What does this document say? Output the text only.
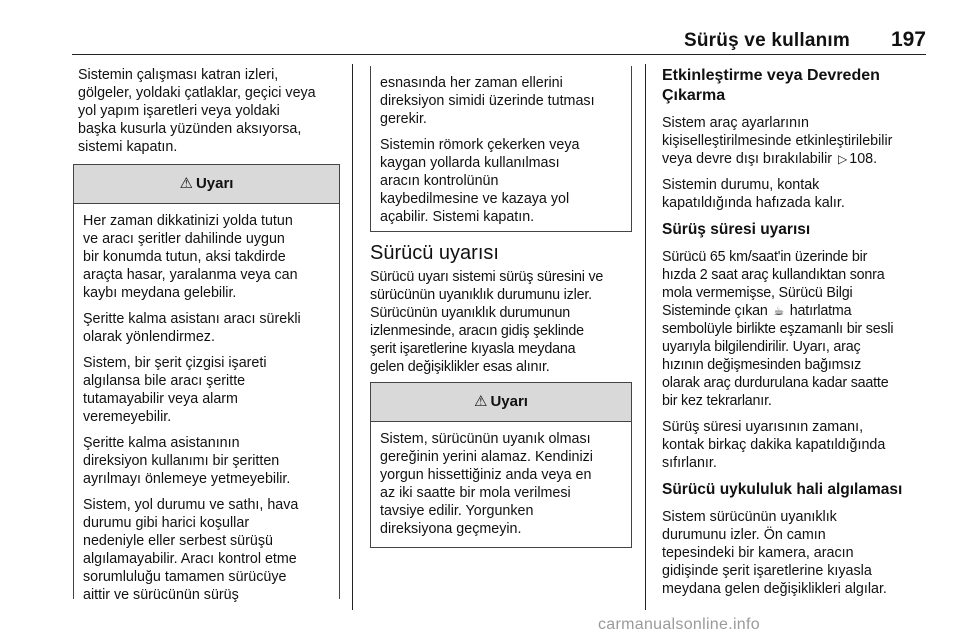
Sürüş ve kullanım 197

Sistemin çalışması katran izleri,
gölgeler, yoldaki çatlaklar, geçici veya
yol yapım işaretleri veya yoldaki
başka kusurla yüzünden aksıyorsa,
sistemi kapatın.

⚠ Uyarı

Her zaman dikkatinizi yolda tutun
ve aracı şeritler dahilinde uygun
bir konumda tutun, aksi takdirde
araçta hasar, yaralanma veya can
kaybı meydana gelebilir.

Şeritte kalma asistanı aracı sürekli
olarak yönlendirmez.

Sistem, bir şerit çizgisi işareti
algılansa bile aracı şeritte
tutamayabilir veya alarm
veremeyebilir.

Şeritte kalma asistanının
direksiyon kullanımı bir şeritten
ayrılmayı önlemeye yetmeyebilir.

Sistem, yol durumu ve sathı, hava
durumu gibi harici koşullar
nedeniyle eller serbest sürüşü
algılamayabilir. Aracı kontrol etme
sorumluluğu tamamen sürücüye
aittir ve sürücünün sürüş

esnasında her zaman ellerini
direksiyon simidi üzerinde tutması
gerekir.

Sistemin römork çekerken veya
kaygan yollarda kullanılması
aracın kontrolünün
kaybedilmesine ve kazaya yol
açabilir. Sistemi kapatın.

Sürücü uyarısı

Sürücü uyarı sistemi sürüş süresini ve
sürücünün uyanıklık durumunu izler.
Sürücünün uyanıklık durumunun
izlenmesinde, aracın gidiş şeklinde
şerit işaretlerine kıyasla meydana
gelen değişiklikler esas alınır.

⚠ Uyarı

Sistem, sürücünün uyanık olması
gereğinin yerini alamaz. Kendinizi
yorgun hissettiğiniz anda veya en
az iki saatte bir mola verilmesi
tavsiye edilir. Yorgunken
direksiyona geçmeyin.

Etkinleştirme veya Devreden
Çıkarma

Sistem araç ayarlarının
kişiselleştirilmesinde etkinleştirilebilir
veya devre dışı bırakılabilir ▷ 108.

Sistemin durumu, kontak
kapatıldığında hafızada kalır.

Sürüş süresi uyarısı

Sürücü 65 km/saat'in üzerinde bir
hızda 2 saat araç kullandıktan sonra
mola vermemişse, Sürücü Bilgi
Sisteminde çıkan ☕ hatırlatma
sembolüyle birlikte eşzamanlı bir sesli
uyarıyla bilgilendirilir. Uyarı, araç
hızının değişmesinden bağımsız
olarak araç durdurulana kadar saatte
bir kez tekrarlanır.

Sürüş süresi uyarısının zamanı,
kontak birkaç dakika kapatıldığında
sıfırlanır.

Sürücü uykululuk hali algılaması

Sistem sürücünün uyanıklık
durumunu izler. Ön camın
tepesindeki bir kamera, aracın
gidişinde şerit işaretlerine kıyasla
meydana gelen değişiklikleri algılar.

carmanualsonline.info
